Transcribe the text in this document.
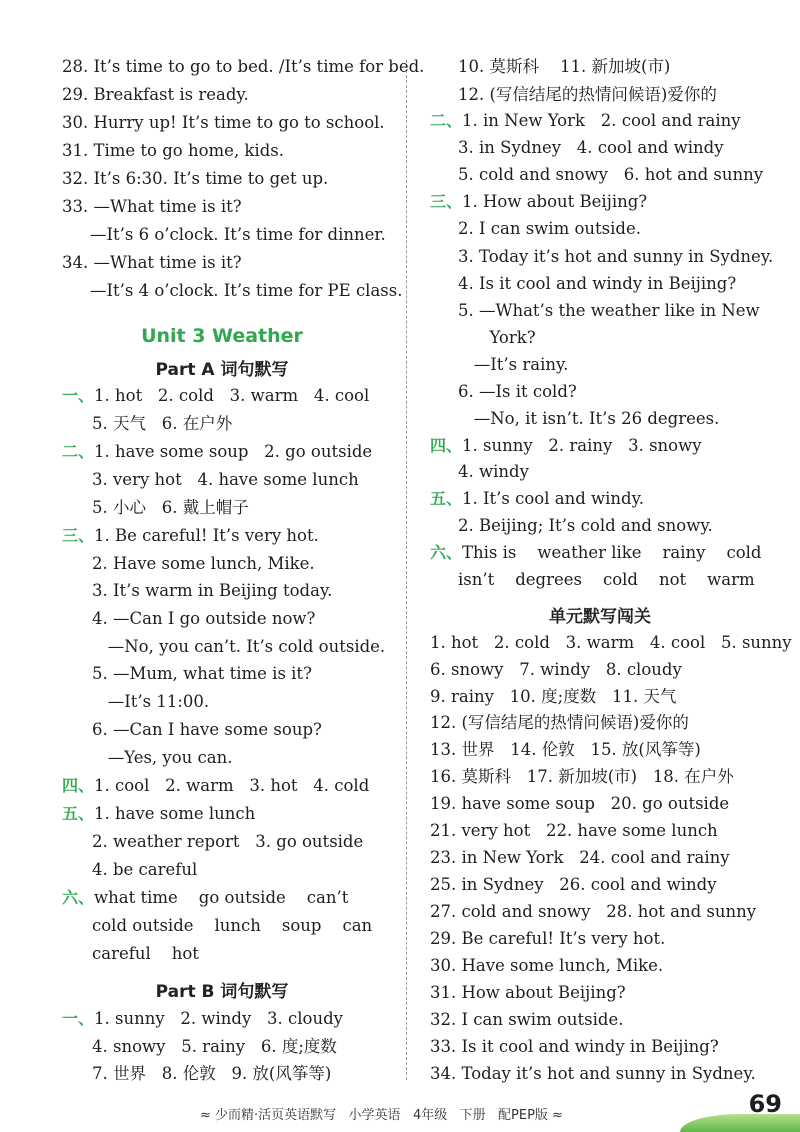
28. It’s time to go to bed. /It’s time for bed.
29. Breakfast is ready.
30. Hurry up! It’s time to go to school.
31. Time to go home, kids.
32. It’s 6:30. It’s time to get up.
33. —What time is it?
—It’s 6 o’clock. It’s time for dinner.
34. —What time is it?
—It’s 4 o’clock. It’s time for PE class.
Unit 3 Weather
Part A 词句默写
一、1. hot   2. cold   3. warm   4. cool
5. 天气   6. 在户外
二、1. have some soup   2. go outside
3. very hot   4. have some lunch
5. 小心   6. 戴上帽子
三、1. Be careful! It’s very hot.
2. Have some lunch, Mike.
3. It’s warm in Beijing today.
4. —Can I go outside now?
—No, you can’t. It’s cold outside.
5. —Mum, what time is it?
—It’s 11:00.
6. —Can I have some soup?
—Yes, you can.
四、1. cool   2. warm   3. hot   4. cold
五、1. have some lunch
2. weather report   3. go outside
4. be careful
六、what time    go outside    can’t
cold outside    lunch    soup    can
careful    hot
Part B 词句默写
一、1. sunny   2. windy   3. cloudy
4. snowy   5. rainy   6. 度;度数
7. 世界   8. 伦敦   9. 放(风筝等)
10. 莫斯科    11. 新加坡(市)
12. (写信结尾的热情问候语)爱你的
二、1. in New York   2. cool and rainy
3. in Sydney   4. cool and windy
5. cold and snowy   6. hot and sunny
三、1. How about Beijing?
2. I can swim outside.
3. Today it’s hot and sunny in Sydney.
4. Is it cool and windy in Beijing?
5. —What’s the weather like in New
York?
—It’s rainy.
6. —Is it cold?
—No, it isn’t. It’s 26 degrees.
四、1. sunny   2. rainy   3. snowy
4. windy
五、1. It’s cool and windy.
2. Beijing; It’s cold and snowy.
六、This is    weather like    rainy    cold
isn’t    degrees    cold    not    warm
单元默写闯关
1. hot   2. cold   3. warm   4. cool   5. sunny
6. snowy   7. windy   8. cloudy
9. rainy   10. 度;度数   11. 天气
12. (写信结尾的热情问候语)爱你的
13. 世界   14. 伦敦   15. 放(风筝等)
16. 莫斯科   17. 新加坡(市)   18. 在户外
19. have some soup   20. go outside
21. very hot   22. have some lunch
23. in New York   24. cool and rainy
25. in Sydney   26. cool and windy
27. cold and snowy   28. hot and sunny
29. Be careful! It’s very hot.
30. Have some lunch, Mike.
31. How about Beijing?
32. I can swim outside.
33. Is it cool and windy in Beijing?
34. Today it’s hot and sunny in Sydney.
≈ 少而精·活页英语默写   小学英语   4年级   下册   配PEP版 ≈	69
